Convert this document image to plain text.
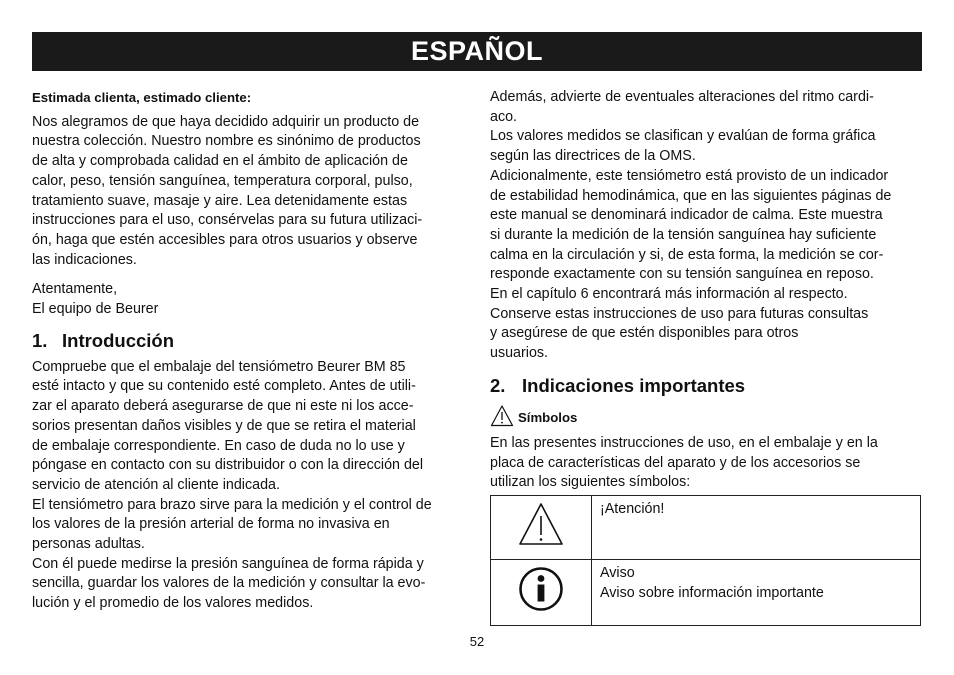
ESPAÑOL

Estimada clienta, estimado cliente:

Nos alegramos de que haya decidido adquirir un producto de
nuestra colección. Nuestro nombre es sinónimo de productos
de alta y comprobada calidad en el ámbito de aplicación de
calor, peso, tensión sanguínea, temperatura corporal, pulso,
tratamiento suave, masaje y aire. Lea detenidamente estas
instrucciones para el uso, consérvelas para su futura utilizaci-
ón, haga que estén accesibles para otros usuarios y observe
las indicaciones.

Atentamente,
El equipo de Beurer

1. Introducción

Compruebe que el embalaje del tensiómetro Beurer BM 85
esté intacto y que su contenido esté completo. Antes de utili-
zar el aparato deberá asegurarse de que ni este ni los acce-
sorios presentan daños visibles y de que se retira el material
de embalaje correspondiente. En caso de duda no lo use y
póngase en contacto con su distribuidor o con la dirección del
servicio de atención al cliente indicada.
El tensiómetro para brazo sirve para la medición y el control de
los valores de la presión arterial de forma no invasiva en
personas adultas.
Con él puede medirse la presión sanguínea de forma rápida y
sencilla, guardar los valores de la medición y consultar la evo-
lución y el promedio de los valores medidos.

Además, advierte de eventuales alteraciones del ritmo cardi-
aco.
Los valores medidos se clasifican y evalúan de forma gráfica
según las directrices de la OMS.
Adicionalmente, este tensiómetro está provisto de un indicador
de estabilidad hemodinámica, que en las siguientes páginas de
este manual se denominará indicador de calma. Este muestra
si durante la medición de la tensión sanguínea hay suficiente
calma en la circulación y si, de esta forma, la medición se cor-
responde exactamente con su tensión sanguínea en reposo.
En el capítulo 6 encontrará más información al respecto.
Conserve estas instrucciones de uso para futuras consultas
y asegúrese de que estén disponibles para otros
usuarios.

2. Indicaciones importantes
Símbolos

En las presentes instrucciones de uso, en el embalaje y en la
placa de características del aparato y de los accesorios se
utilizan los siguientes símbolos:

¡Atención!

Aviso
Aviso sobre información importante
52
